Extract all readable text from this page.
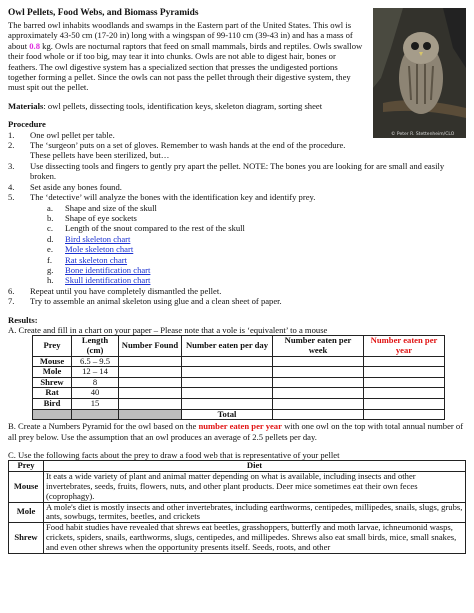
© Peter R. Stettenheim/CLO
Owl Pellets, Food Webs, and Biomass Pyramids

The barred owl inhabits woodlands and swamps in the Eastern part of the United States. This owl is approximately 43-50 cm (17-20 in) long with a wingspan of 99-110 cm (39-43 in) and has a mass of about 0.8 kg. Owls are nocturnal raptors that feed on small mammals, birds and reptiles. Owls swallow their food whole or if too big, may tear it into chunks. Owls are not able to digest hair, bones or feathers. The owl digestive system has a specialized section that presses the undigested portions together forming a pellet. Since the owls can not pass the pellet through their digestive system, they must spit out the pellet.

Materials: owl pellets, dissecting tools, identification keys, skeleton diagram, sorting sheet
Procedure
1. One owl pellet per table.
2. The ‘surgeon’ puts on a set of gloves. Remember to wash hands at the end of the procedure. These pellets have been sterilized, but…
3. Use dissecting tools and fingers to gently pry apart the pellet. NOTE: The bones you are looking for are small and easily broken.
4. Set aside any bones found.
5. The ‘detective’ will analyze the bones with the identification key and identify prey.
a. Shape and size of the skull
b. Shape of eye sockets
c. Length of the snout compared to the rest of the skull
d. Bird skeleton chart
e. Mole skeleton chart
f. Rat skeleton chart
g. Bone identification chart
h. Skull identification chart
6. Repeat until you have completely dismantled the pellet.
7. Try to assemble an animal skeleton using glue and a clean sheet of paper.
Results:
A. Create and fill in a chart on your paper – Please note that a vole is ‘equivalent’ to a mouse
Prey	Length (cm)	Number Found	Number eaten per day	Number eaten per week	Number eaten per year
Mouse	6.5 – 9.5				
Mole	12 – 14				
Shrew	8				
Rat	40				
Bird	15				
			Total		
B. Create a Numbers Pyramid for the owl based on the number eaten per year with one owl on the top with total annual number of all prey below. Use the assumption that an owl produces an average of 2.5 pellets per day.
C. Use the following facts about the prey to draw a food web that is representative of your pellet
Prey	Diet
Mouse	It eats a wide variety of plant and animal matter depending on what is available, including insects and other invertebrates, seeds, fruits, flowers, nuts, and other plant products. Deer mice sometimes eat their own feces (coprophagy).
Mole	A mole's diet is mostly insects and other invertebrates, including earthworms, centipedes, millipedes, snails, slugs, grubs, ants, sowbugs, termites, beetles, and crickets
Shrew	Food habit studies have revealed that shrews eat beetles, grasshoppers, butterfly and moth larvae, ichneumonid wasps, crickets, spiders, snails, earthworms, slugs, centipedes, and millipedes. Shrews also eat small birds, mice, small snakes, and even other shrews when the opportunity presents itself. Seeds, roots, and other
